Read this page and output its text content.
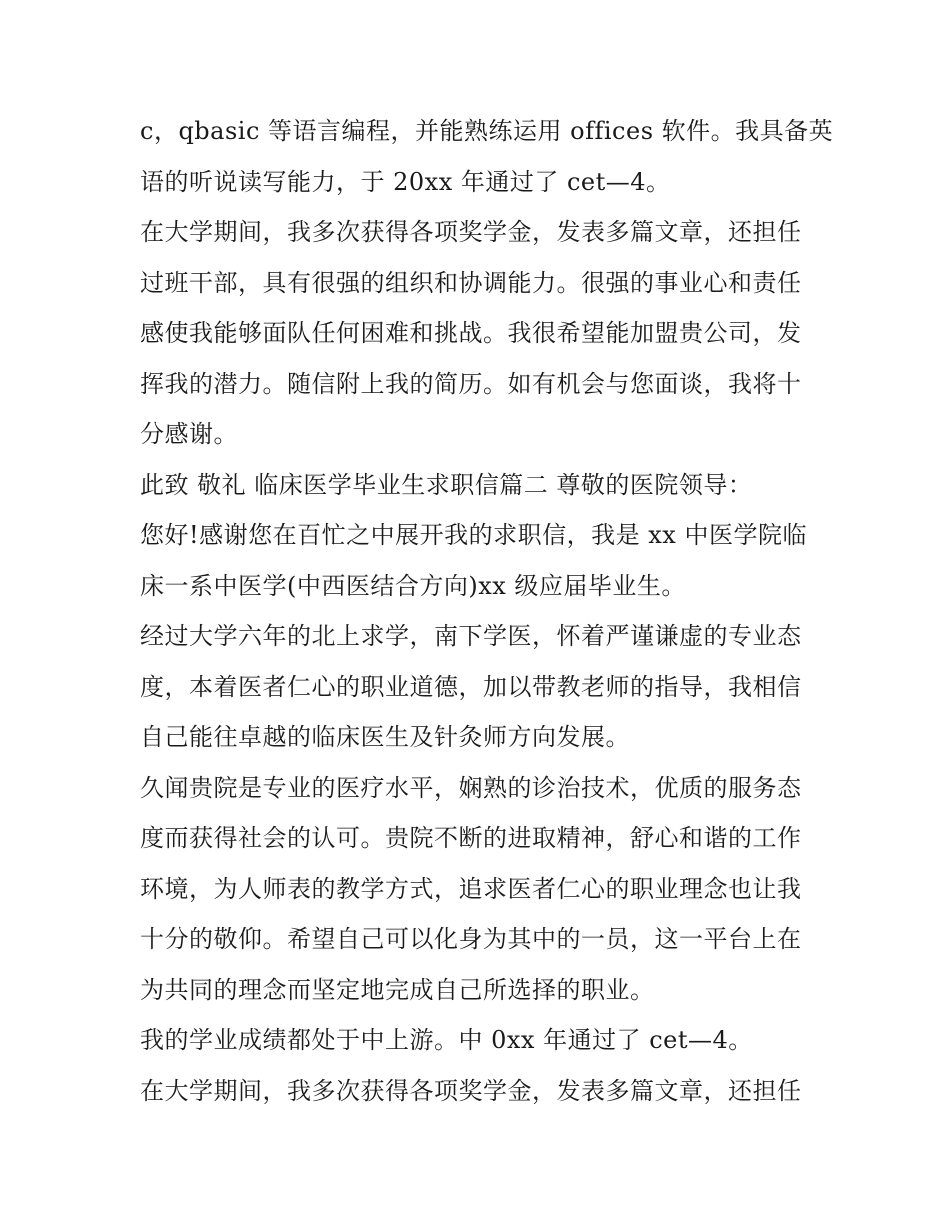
c，qbasic 等语言编程，并能熟练运用 offices 软件。我具备英
语的听说读写能力，于 20xx 年通过了 cet—4。
在大学期间，我多次获得各项奖学金，发表多篇文章，还担任
过班干部，具有很强的组织和协调能力。很强的事业心和责任
感使我能够面队任何困难和挑战。我很希望能加盟贵公司，发
挥我的潜力。随信附上我的简历。如有机会与您面谈，我将十
分感谢。
此致 敬礼 临床医学毕业生求职信篇二 尊敬的医院领导：
您好!感谢您在百忙之中展开我的求职信，我是 xx 中医学院临
床一系中医学(中西医结合方向)xx 级应届毕业生。
经过大学六年的北上求学，南下学医，怀着严谨谦虚的专业态
度，本着医者仁心的职业道德，加以带教老师的指导，我相信
自己能往卓越的临床医生及针灸师方向发展。
久闻贵院是专业的医疗水平，娴熟的诊治技术，优质的服务态
度而获得社会的认可。贵院不断的进取精神，舒心和谐的工作
环境，为人师表的教学方式，追求医者仁心的职业理念也让我
十分的敬仰。希望自己可以化身为其中的一员，这一平台上在
为共同的理念而坚定地完成自己所选择的职业。
我的学业成绩都处于中上游。中 0xx 年通过了 cet—4。
在大学期间，我多次获得各项奖学金，发表多篇文章，还担任
